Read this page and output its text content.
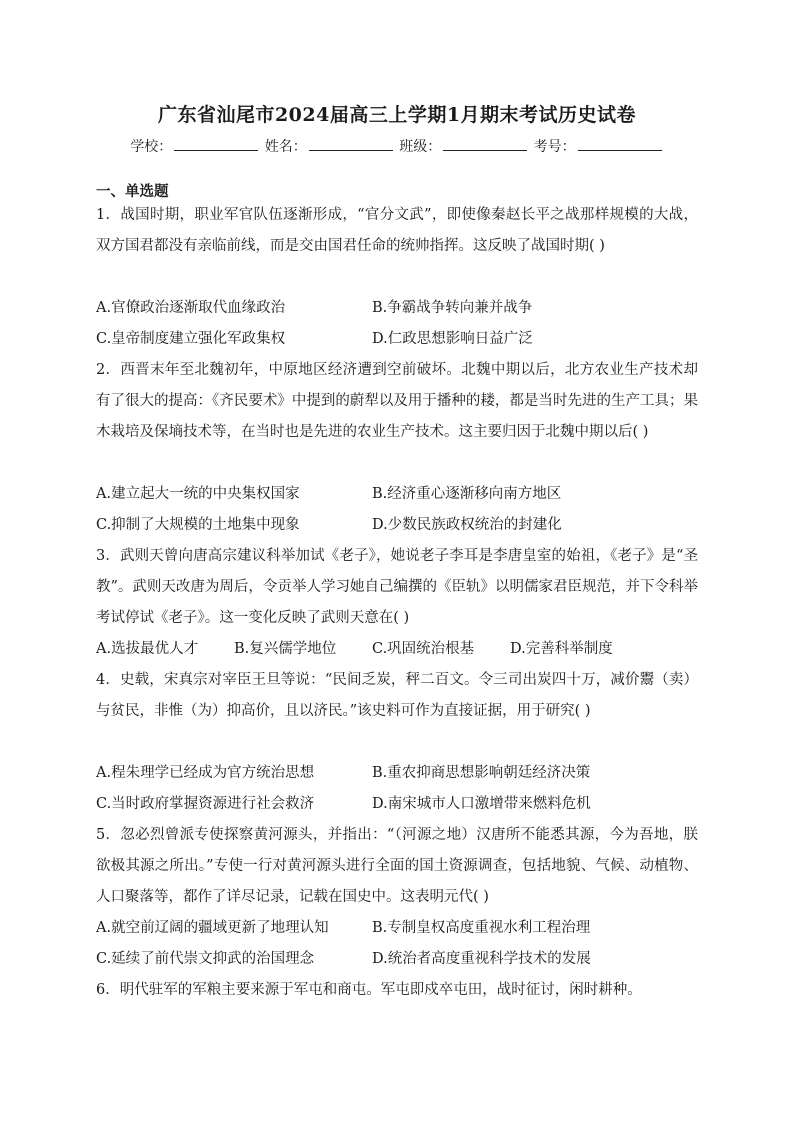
广东省汕尾市2024届高三上学期1月期末考试历史试卷
学校：	姓名：	班级：	考号：
一、单选题
1．战国时期，职业军官队伍逐渐形成，“官分文武”，即使像秦赵长平之战那样规模的大战，双方国君都没有亲临前线，而是交由国君任命的统帅指挥。这反映了战国时期( )
A.官僚政治逐渐取代血缘政治	B.争霸战争转向兼并战争
C.皇帝制度建立强化军政集权	D.仁政思想影响日益广泛
2．西晋末年至北魏初年，中原地区经济遭到空前破坏。北魏中期以后，北方农业生产技术却有了很大的提高：《齐民要术》中提到的蔚犁以及用于播种的耧，都是当时先进的生产工具；果木栽培及保墒技术等，在当时也是先进的农业生产技术。这主要归因于北魏中期以后( )
A.建立起大一统的中央集权国家	B.经济重心逐渐移向南方地区
C.抑制了大规模的土地集中现象	D.少数民族政权统治的封建化
3．武则天曾向唐高宗建议科举加试《老子》，她说老子李耳是李唐皇室的始祖，《老子》是“圣教”。武则天改唐为周后，令贡举人学习她自己编撰的《臣轨》以明儒家君臣规范，并下令科举考试停试《老子》。这一变化反映了武则天意在( )
A.选拔最优人才 B.复兴儒学地位 C.巩固统治根基 D.完善科举制度
4．史载，宋真宗对宰臣王旦等说：“民间乏炭，秤二百文。令三司出炭四十万，减价鬻（卖）与贫民，非惟（为）抑高价，且以济民。”该史料可作为直接证据，用于研究( )
A.程朱理学已经成为官方统治思想	B.重农抑商思想影响朝廷经济决策
C.当时政府掌握资源进行社会救济	D.南宋城市人口激增带来燃料危机
5．忽必烈曾派专使探察黄河源头，并指出：“（河源之地）汉唐所不能悉其源，今为吾地，朕欲极其源之所出。”专使一行对黄河源头进行全面的国土资源调查，包括地貌、气候、动植物、人口聚落等，都作了详尽记录，记载在国史中。这表明元代( )
A.就空前辽阔的疆域更新了地理认知	B.专制皇权高度重视水利工程治理
C.延续了前代崇文抑武的治国理念	D.统治者高度重视科学技术的发展
6．明代驻军的军粮主要来源于军屯和商屯。军屯即戍卒屯田，战时征讨，闲时耕种。
